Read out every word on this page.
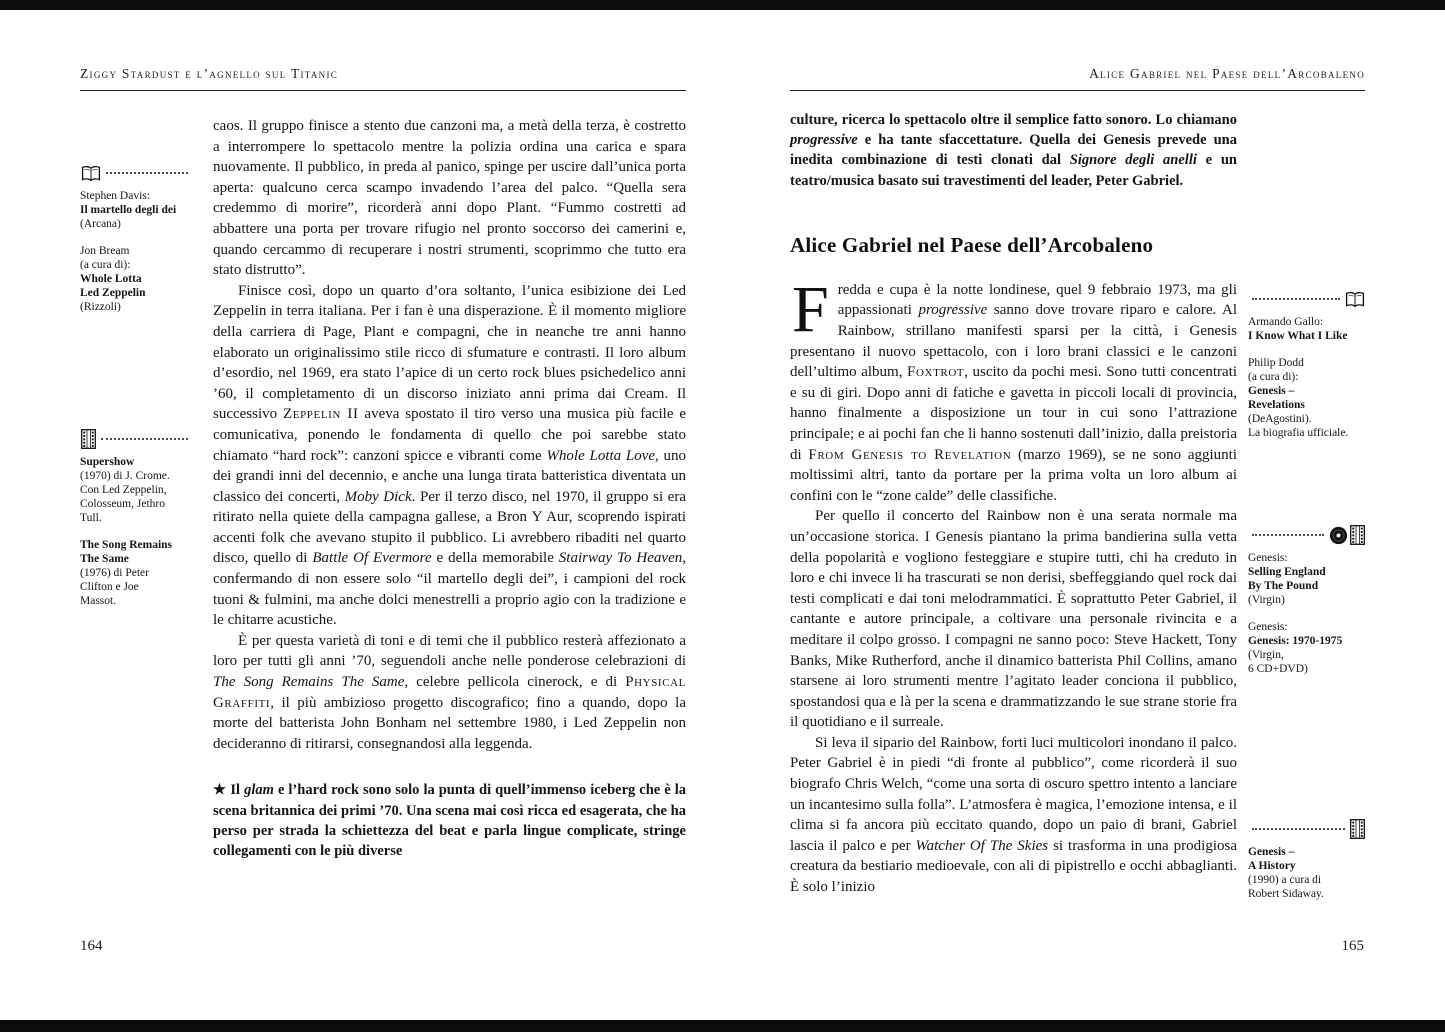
Ziggy Stardust e l’agnello sul Titanic
Stephen Davis:
Il martello degli dei
(Arcana)
Jon Bream
(a cura di):
Whole Lotta
Led Zeppelin
(Rizzoli)
Supershow
(1970) di J. Crome.
Con Led Zeppelin,
Colosseum, Jethro
Tull.
The Song Remains
The Same
(1976) di Peter
Clifton e Joe
Massot.

caos. Il gruppo finisce a stento due canzoni ma, a metà della terza, è costretto a interrompere lo spettacolo mentre la polizia ordina una carica e spara nuovamente. Il pubblico, in preda al panico, spinge per uscire dall’unica porta aperta: qualcuno cerca scampo invadendo l’area del palco. “Quella sera credemmo di morire”, ricorderà anni dopo Plant. “Fummo costretti ad abbattere una porta per trovare rifugio nel pronto soccorso dei camerini e, quando cercammo di recuperare i nostri strumenti, scoprimmo che tutto era stato distrutto”.

Finisce così, dopo un quarto d’ora soltanto, l’unica esibizione dei Led Zeppelin in terra italiana. Per i fan è una disperazione. È il momento migliore della carriera di Page, Plant e compagni, che in neanche tre anni hanno elaborato un originalissimo stile ricco di sfumature e contrasti. Il loro album d’esordio, nel 1969, era stato l’apice di un certo rock blues psichedelico anni ’60, il completamento di un discorso iniziato anni prima dai Cream. Il successivo Zeppelin II aveva spostato il tiro verso una musica più facile e comunicativa, ponendo le fondamenta di quello che poi sarebbe stato chiamato “hard rock”: canzoni spicce e vibranti come Whole Lotta Love, uno dei grandi inni del decennio, e anche una lunga tirata batteristica diventata un classico dei concerti, Moby Dick. Per il terzo disco, nel 1970, il gruppo si era ritirato nella quiete della campagna gallese, a Bron Y Aur, scoprendo ispirati accenti folk che avevano stupito il pubblico. Li avrebbero ribaditi nel quarto disco, quello di Battle Of Evermore e della memorabile Stairway To Heaven, confermando di non essere solo “il martello degli dei”, i campioni del rock tuoni & fulmini, ma anche dolci menestrelli a proprio agio con la tradizione e le chitarre acustiche.

È per questa varietà di toni e di temi che il pubblico resterà affezionato a loro per tutti gli anni ’70, seguendoli anche nelle ponderose celebrazioni di The Song Remains The Same, celebre pellicola cinerock, e di Physical Graffiti, il più ambizioso progetto discografico; fino a quando, dopo la morte del batterista John Bonham nel settembre 1980, i Led Zeppelin non decideranno di ritirarsi, consegnandosi alla leggenda.

★ Il glam e l’hard rock sono solo la punta di quell’immenso iceberg che è la scena britannica dei primi ’70. Una scena mai così ricca ed esagerata, che ha perso per strada la schiettezza del beat e parla lingue complicate, stringe collegamenti con le più diverse

164
Alice Gabriel nel Paese dell’Arcobaleno

culture, ricerca lo spettacolo oltre il semplice fatto sonoro. Lo chiamano progressive e ha tante sfaccettature. Quella dei Genesis prevede una inedita combinazione di testi clonati dal Signore degli anelli e un teatro/musica basato sui travestimenti del leader, Peter Gabriel.

Alice Gabriel nel Paese dell’Arcobaleno

Fredda e cupa è la notte londinese, quel 9 febbraio 1973, ma gli appassionati progressive sanno dove trovare riparo e calore. Al Rainbow, strillano manifesti sparsi per la città, i Genesis presentano il nuovo spettacolo, con i loro brani classici e le canzoni dell’ultimo album, Foxtrot, uscito da pochi mesi. Sono tutti concentrati e su di giri. Dopo anni di fatiche e gavetta in piccoli locali di provincia, hanno finalmente a disposizione un tour in cui sono l’attrazione principale; e ai pochi fan che li hanno sostenuti dall’inizio, dalla preistoria di From Genesis to Revelation (marzo 1969), se ne sono aggiunti moltissimi altri, tanto da portare per la prima volta un loro album ai confini con le “zone calde” delle classifiche.

Per quello il concerto del Rainbow non è una serata normale ma un’occasione storica. I Genesis piantano la prima bandierina sulla vetta della popolarità e vogliono festeggiare e stupire tutti, chi ha creduto in loro e chi invece li ha trascurati se non derisi, sbeffeggiando quel rock dai testi complicati e dai toni melodrammatici. È soprattutto Peter Gabriel, il cantante e autore principale, a coltivare una personale rivincita e a meditare il colpo grosso. I compagni ne sanno poco: Steve Hackett, Tony Banks, Mike Rutherford, anche il dinamico batterista Phil Collins, amano starsene ai loro strumenti mentre l’agitato leader conciona il pubblico, spostandosi qua e là per la scena e drammatizzando le sue strane storie fra il quotidiano e il surreale.

Si leva il sipario del Rainbow, forti luci multicolori inondano il palco. Peter Gabriel è in piedi “di fronte al pubblico”, come ricorderà il suo biografo Chris Welch, “come una sorta di oscuro spettro intento a lanciare un incantesimo sulla folla”. L’atmosfera è magica, l’emozione intensa, e il clima si fa ancora più eccitato quando, dopo un paio di brani, Gabriel lascia il palco e per Watcher Of The Skies si trasforma in una prodigiosa creatura da bestiario medioevale, con ali di pipistrello e occhi abbaglianti. È solo l’inizio

Armando Gallo:
I Know What I Like
Philip Dodd
(a cura di):
Genesis –
Revelations
(DeAgostini).
La biografia ufficiale.
Genesis:
Selling England
By The Pound
(Virgin)
Genesis:
Genesis: 1970-1975
(Virgin,
6 CD+DVD)
Genesis –
A History
(1990) a cura di
Robert Sidaway.
165
